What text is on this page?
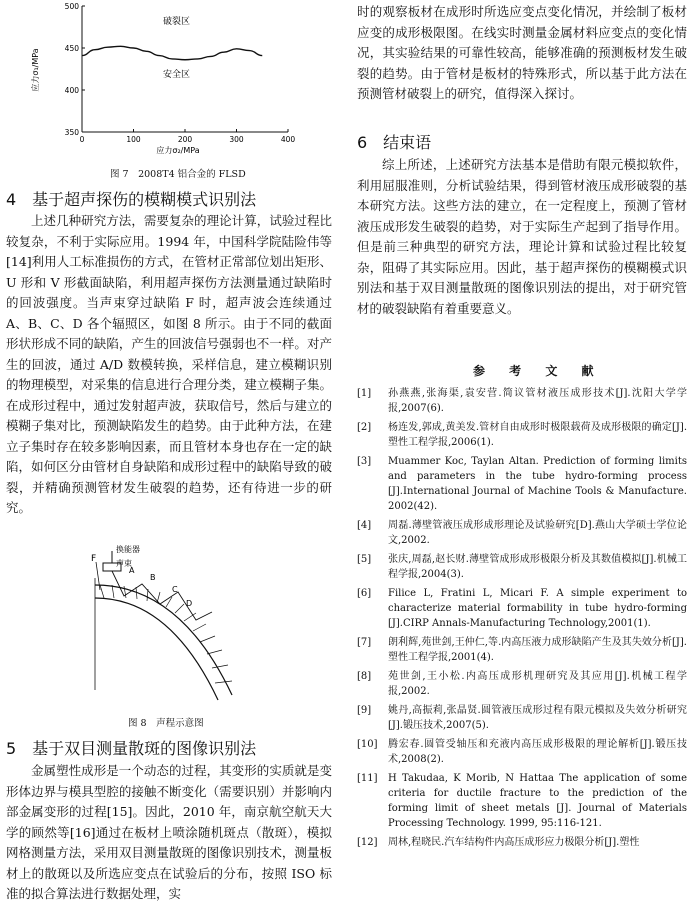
350
400
450
500
0	100	200	300	400
应力σ₁/MPa
应力σ₂/MPa
破裂区
安全区
图 7　2008T4 铝合金的 FLSD
4　基于超声探伤的模糊模式识别法

上述几种研究方法，需要复杂的理论计算，试验过程比较复杂，不利于实际应用。1994 年，中国科学院陆险伟等[14]利用人工标准损伤的方式，在管材正常部位划出矩形、U 形和 V 形截面缺陷，利用超声探伤方法测量通过缺陷时的回波强度。当声束穿过缺陷 F 时，超声波会连续通过 A、B、C、D 各个辐照区，如图 8 所示。由于不同的截面形状形成不同的缺陷，产生的回波信号强弱也不一样。对产生的回波，通过 A/D 数模转换，采样信息，建立模糊识别的物理模型，对采集的信息进行合理分类，建立模糊子集。在成形过程中，通过发射超声波，获取信号，然后与建立的模糊子集对比，预测缺陷发生的趋势。由于此种方法，在建立子集时存在较多影响因素，而且管材本身也存在一定的缺陷，如何区分由管材自身缺陷和成形过程中的缺陷导致的破裂，并精确预测管材发生破裂的趋势，还有待进一步的研究。

换能器
声束
F
A
B
C
D
图 8　声程示意图
5　基于双目测量散斑的图像识别法

金属塑性成形是一个动态的过程，其变形的实质就是变形体边界与模具型腔的接触不断变化（需要识别）并影响内部金属变形的过程[15]。因此，2010 年，南京航空航天大学的顾然等[16]通过在板材上喷涂随机斑点（散斑），模拟网格测量方法，采用双目测量散斑的图像识别技术，测量板材上的散斑以及所选应变点在试验后的分布，按照 ISO 标准的拟合算法进行数据处理，实

时的观察板材在成形时所选应变点变化情况，并绘制了板材应变的成形极限图。在线实时测量金属材料应变点的变化情况，其实验结果的可靠性较高，能够准确的预测板材发生破裂的趋势。由于管材是板材的特殊形式，所以基于此方法在预测管材破裂上的研究，值得深入探讨。

6　结束语

综上所述，上述研究方法基本是借助有限元模拟软件，利用屈服准则，分析试验结果，得到管材液压成形破裂的基本研究方法。这些方法的建立，在一定程度上，预测了管材液压成形发生破裂的趋势，对于实际生产起到了指导作用。但是前三种典型的研究方法，理论计算和试验过程比较复杂，阻碍了其实际应用。因此，基于超声探伤的模糊模式识别法和基于双目测量散斑的图像识别法的提出，对于研究管材的破裂缺陷有着重要意义。

参 考 文 献
[1] 孙燕燕,张海渠,袁安营.简议管材液压成形技术[J].沈阳大学学报,2007(6).
[2] 杨连发,郭成,黄美发.管材自由成形时极限载荷及成形极限的确定[J].塑性工程学报,2006(1).
[3] Muammer Koc, Taylan Altan. Prediction of forming limits and parameters in the tube hydro-forming process [J].International Journal of Machine Tools & Manufacture. 2002(42).
[4] 周磊.薄壁管液压成形成形理论及试验研究[D].燕山大学硕士学位论文,2002.
[5] 张庆,周磊,赵长财.薄壁管成形成形极限分析及其数值模拟[J].机械工程学报,2004(3).
[6] Filice L, Fratini L, Micari F. A simple experiment to characterize material formability in tube hydro-forming [J].CIRP Annals-Manufacturing Technology,2001(1).
[7] 朗利辉,苑世剑,王仲仁,等.内高压液力成形缺陷产生及其失效分析[J].塑性工程学报,2001(4).
[8] 苑世剑,王小松.内高压成形机理研究及其应用[J].机械工程学报,2002.
[9] 姚丹,高振莉,张晶贤.圆管液压成形过程有限元模拟及失效分析研究[J].锻压技术,2007(5).
[10] 腾宏春.圆管受轴压和充液内高压成形极限的理论解析[J].锻压技术,2008(2).
[11] H Takudaa, K Morib, N Hattaa The application of some criteria for ductile fracture to the prediction of the forming limit of sheet metals [J]. Journal of Materials Processing Technology. 1999, 95:116-121.
[12] 周林,程晓民.汽车结构件内高压成形应力极限分析[J].塑性
